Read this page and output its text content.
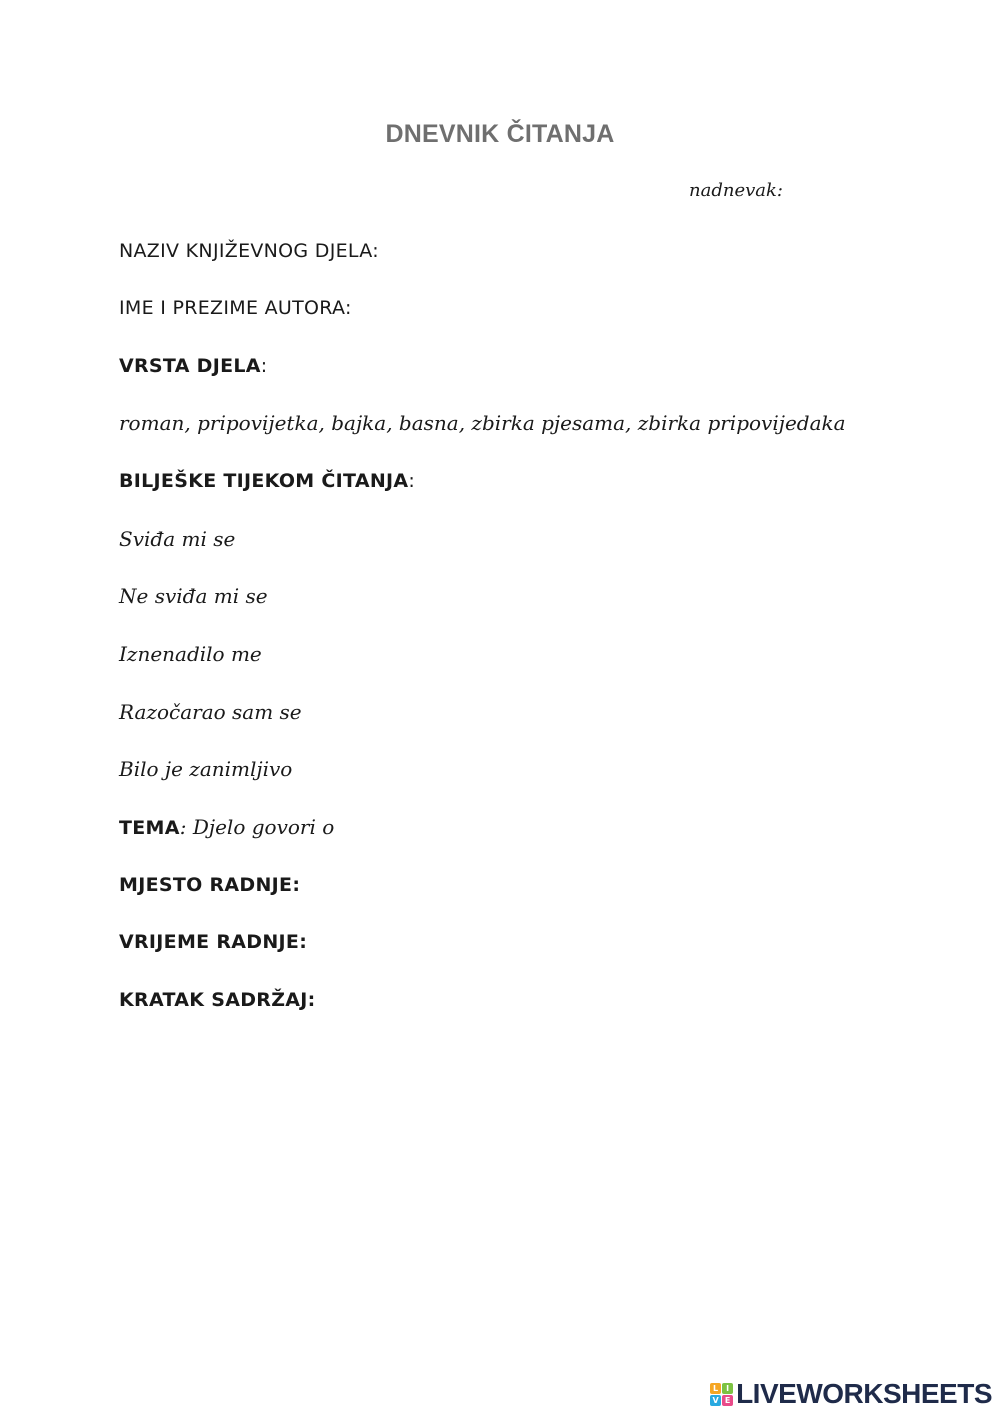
DNEVNIK ČITANJA
nadnevak:
NAZIV KNJIŽEVNOG DJELA:
IME I PREZIME AUTORA:
VRSTA DJELA:
roman, pripovijetka, bajka, basna, zbirka pjesama, zbirka pripovijedaka
BILJEŠKE TIJEKOM ČITANJA:
Sviđa mi se
Ne sviđa mi se
Iznenadilo me
Razočarao sam se
Bilo je zanimljivo
TEMA: Djelo govori o
MJESTO RADNJE:
VRIJEME RADNJE:
KRATAK SADRŽAJ:
L I
V E LIVEWORKSHEETS
